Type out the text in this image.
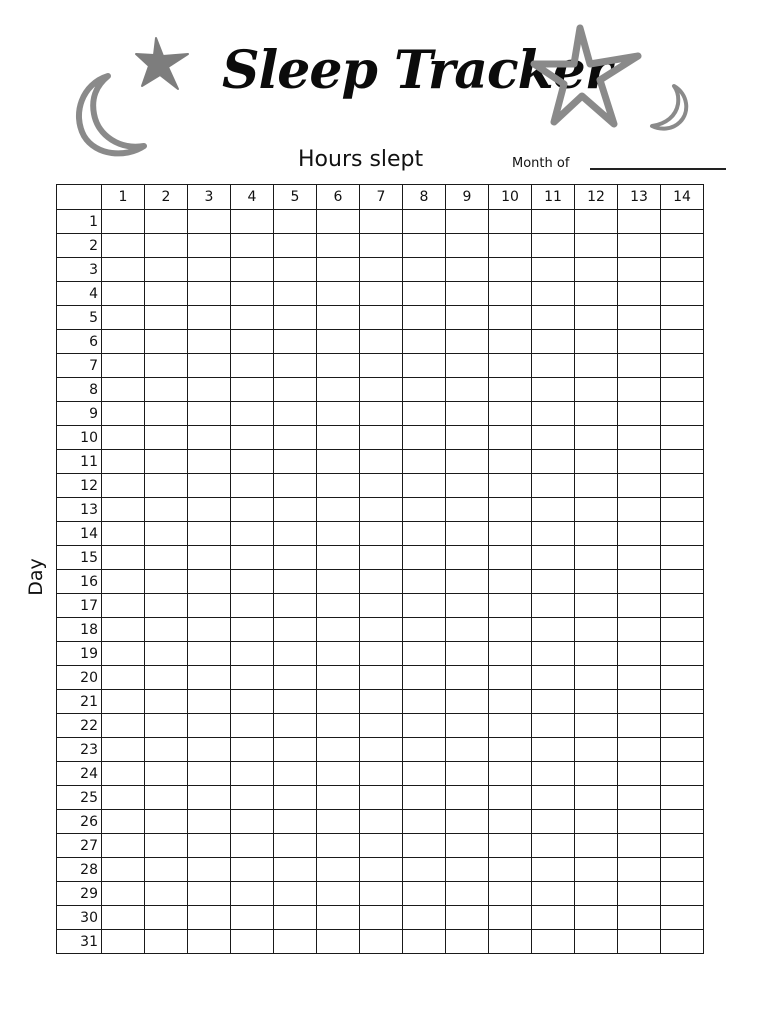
Sleep Tracker
Hours slept	Month of
Day
	1	2	3	4	5	6	7	8	9	10	11	12	13	14
1														
2														
3														
4														
5														
6														
7														
8														
9														
10														
11														
12														
13														
14														
15														
16														
17														
18														
19														
20														
21														
22														
23														
24														
25														
26														
27														
28														
29														
30														
31														
